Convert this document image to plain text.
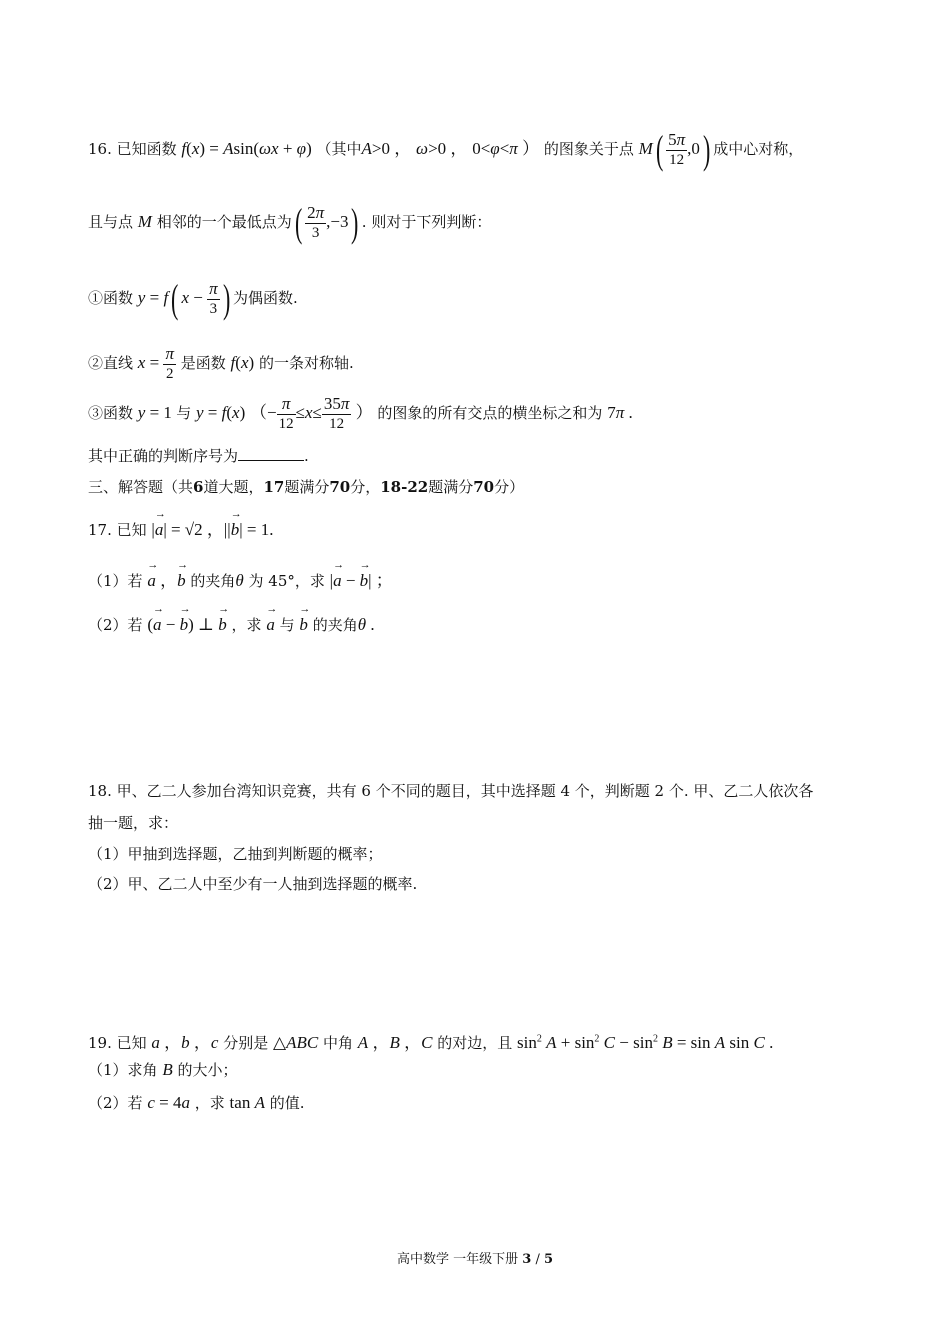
16. 已知函数 f(x) = Asin(ωx + φ) （其中A>0 ， ω>0 ， 0<φ<π ） 的图象关于点 $M( \frac{5\pi}{12} ,0)$ 成中心对称，
且与点 M 相邻的一个最低点为( $\frac{2\pi}{3} ,-3$) . 则对于下列判断：
①函数 y = f( $x - \frac{\pi}{3}$ ) 为偶函数.
②直线 $x = \frac{\pi}{2}$ 是函数 f(x) 的一条对称轴.
③函数 y = 1 与 y = f(x) （− $\frac{\pi}{12} \le x\le \frac{35\pi}{12}$ ） 的图象的所有交点的横坐标之和为 7π .
其中正确的判断序号为	.
三、解答题（共6道大题，17题满分70分，18-22题满分70分）
17. 已知 |→ a| = √2 ，||→ b| = 1.
（1）若 → a ，→ b 的夹角θ 为 45°，求 |→ a − → b| ；
（2）若 (→ a − → b) ⊥ → b ，求 → a 与 → b 的夹角θ .
18. 甲、乙二人参加台湾知识竞赛，共有 6 个不同的题目，其中选择题 4 个，判断题 2 个. 甲、乙二人依次各
抽一题，求：
（1）甲抽到选择题，乙抽到判断题的概率；
（2）甲、乙二人中至少有一人抽到选择题的概率.
19. 已知 a ，b ，c 分别是 △ABC 中角 A ，B ，C 的对边，且 $\sin^2 A + \sin^2 C - \sin^2 B = \sin A$ sin C .
（1）求角 B 的大小；
（2）若 c = 4a ，求 tan A 的值.
高中数学 一年级下册 3 / 5
